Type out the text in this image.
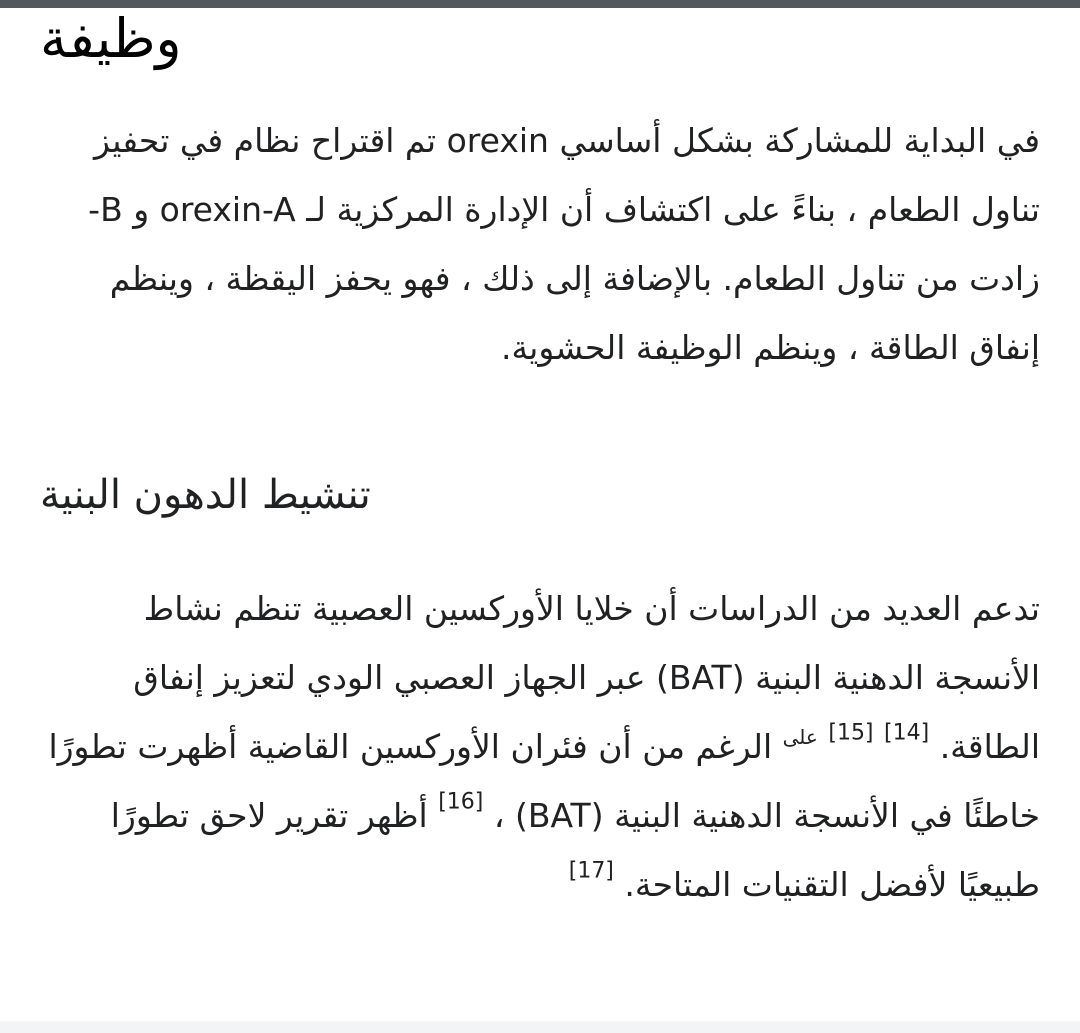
وظيفة

في البداية للمشاركة بشكل أساسي orexin تم اقتراح نظام في تحفيز تناول الطعام ، بناءً على اكتشاف أن الإدارة المركزية لـ orexin-A و -B زادت من تناول الطعام. بالإضافة إلى ذلك ، فهو يحفز اليقظة ، وينظم إنفاق الطاقة ، وينظم الوظيفة الحشوية.

تنشيط الدهون البنية

تدعم العديد من الدراسات أن خلايا الأوركسين العصبية تنظم نشاط الأنسجة الدهنية البنية (BAT) عبر الجهاز العصبي الودي لتعزيز إنفاق الطاقة. [14] [15] $^{على}$ الرغم من أن فئران الأوركسين القاضية أظهرت تطورًا خاطئًا في الأنسجة الدهنية البنية (BAT) ، [16] أظهر تقرير لاحق تطورًا طبيعيًا لأفضل التقنيات المتاحة. [17]
